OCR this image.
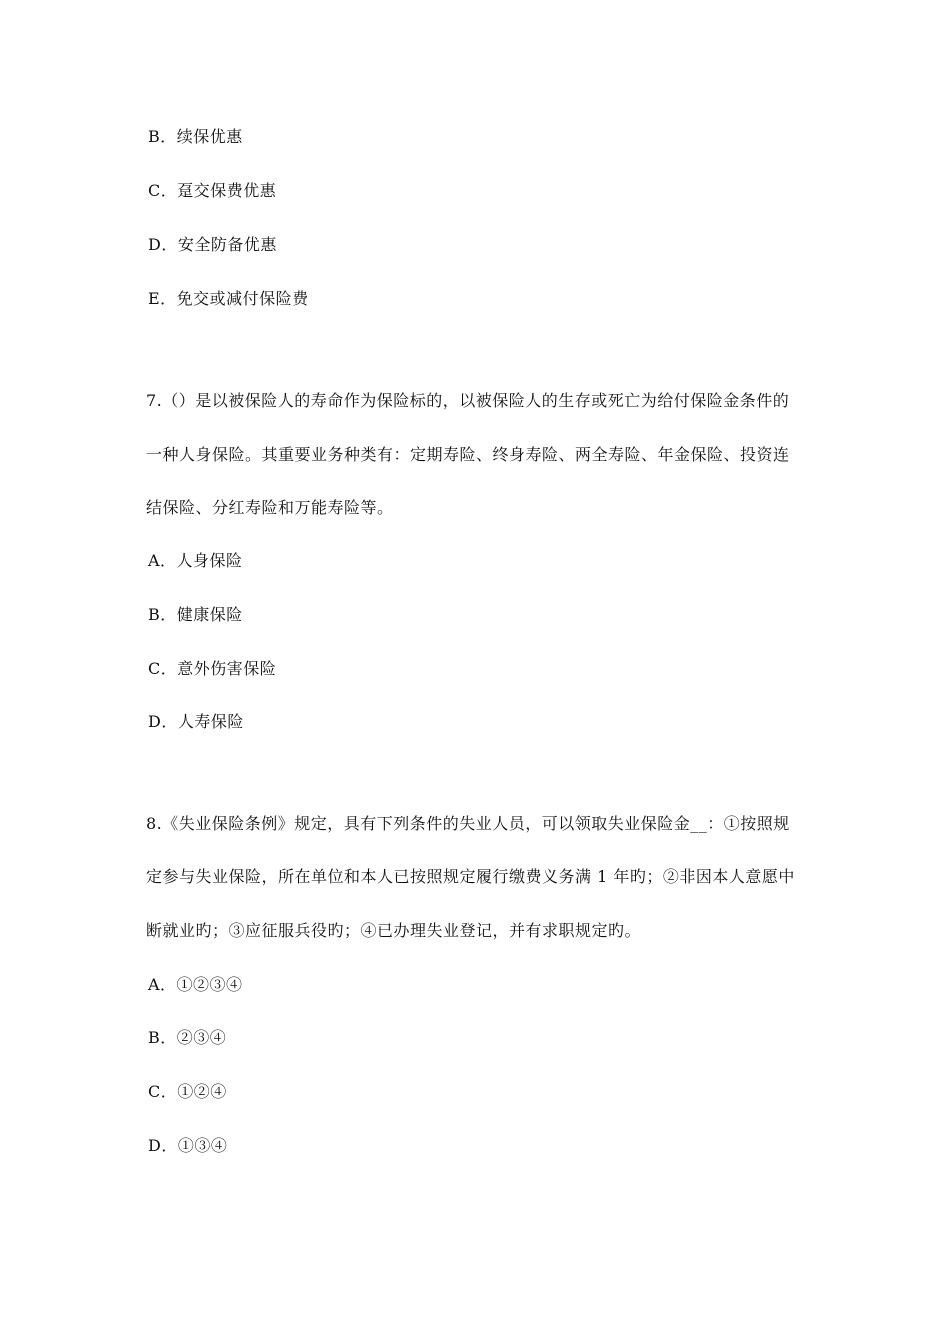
B．续保优惠
C．趸交保费优惠
D．安全防备优惠
E．免交或减付保险费
7.（）是以被保险人的寿命作为保险标的，以被保险人的生存或死亡为给付保险金条件的
一种人身保险。其重要业务种类有：定期寿险、终身寿险、两全寿险、年金保险、投资连
结保险、分红寿险和万能寿险等。
A．人身保险
B．健康保险
C．意外伤害保险
D．人寿保险
8.《失业保险条例》规定，具有下列条件的失业人员，可以领取失业保险金__：①按照规
定参与失业保险，所在单位和本人已按照规定履行缴费义务满 1 年旳；②非因本人意愿中
断就业旳；③应征服兵役旳；④已办理失业登记，并有求职规定旳。
A．①②③④
B．②③④
C．①②④
D．①③④
